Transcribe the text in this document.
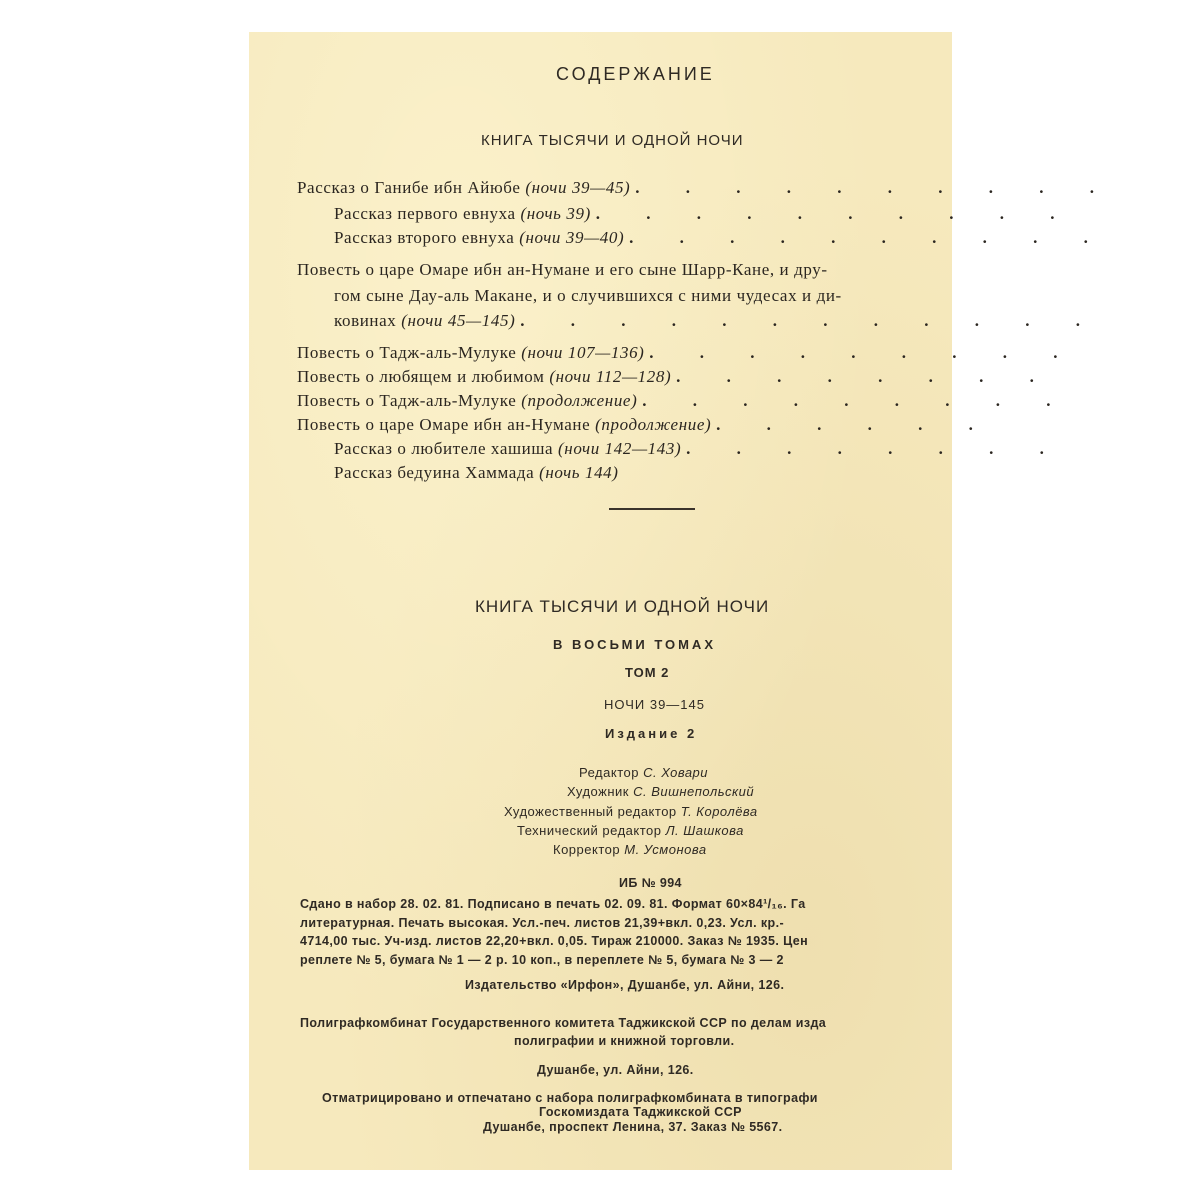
СОДЕРЖАНИЕ
КНИГА ТЫСЯЧИ И ОДНОЙ НОЧИ
Рассказ о Ганибе ибн Айюбе (ночи 39—45) . . . . . . . . . .
Рассказ первого евнуха (ночь 39) . . . . . . . . . .
Рассказ второго евнуха (ночи 39—40) . . . . . . . . . .
Повесть о царе Омаре ибн ан-Нумане и его сыне Шарр-Кане, и дру-
гом сыне Дау-аль Макане, и о случившихся с ними чудесах и ди-
ковинах (ночи 45—145) . . . . . . . . . . . .
Повесть о Тадж-аль-Мулуке (ночи 107—136) . . . . . . . . .
Повесть о любящем и любимом (ночи 112—128) . . . . . . . .
Повесть о Тадж-аль-Мулуке (продолжение) . . . . . . . . .
Повесть о царе Омаре ибн ан-Нумане (продолжение) . . . . . .
Рассказ о любителе хашиша (ночи 142—143) . . . . . . . .
Рассказ бедуина Хаммада (ночь 144)
КНИГА ТЫСЯЧИ И ОДНОЙ НОЧИ
В ВОСЬМИ ТОМАХ
ТОМ 2
НОЧИ 39—145
Издание 2
Редактор С. Ховари
Художник С. Вишнепольский
Художественный редактор Т. Королёва
Технический редактор Л. Шашкова
Корректор М. Усмонова
ИБ № 994
Сдано в набор 28. 02. 81. Подписано в печать 02. 09. 81. Формат 60×84¹/₁₆. Га
литературная. Печать высокая. Усл.-печ. листов 21,39+вкл. 0,23. Усл. кр.-
4714,00 тыс. Уч-изд. листов 22,20+вкл. 0,05. Тираж 210000. Заказ № 1935. Цен
реплете № 5, бумага № 1 — 2 р. 10 коп., в переплете № 5, бумага № 3 — 2
Издательство «Ирфон», Душанбе, ул. Айни, 126.
Полиграфкомбинат Государственного комитета Таджикской ССР по делам изда
полиграфии и книжной торговли.
Душанбе, ул. Айни, 126.
Отматрицировано и отпечатано с набора полиграфкомбината в типографи
Госкомиздата Таджикской ССР
Душанбе, проспект Ленина, 37. Заказ № 5567.
